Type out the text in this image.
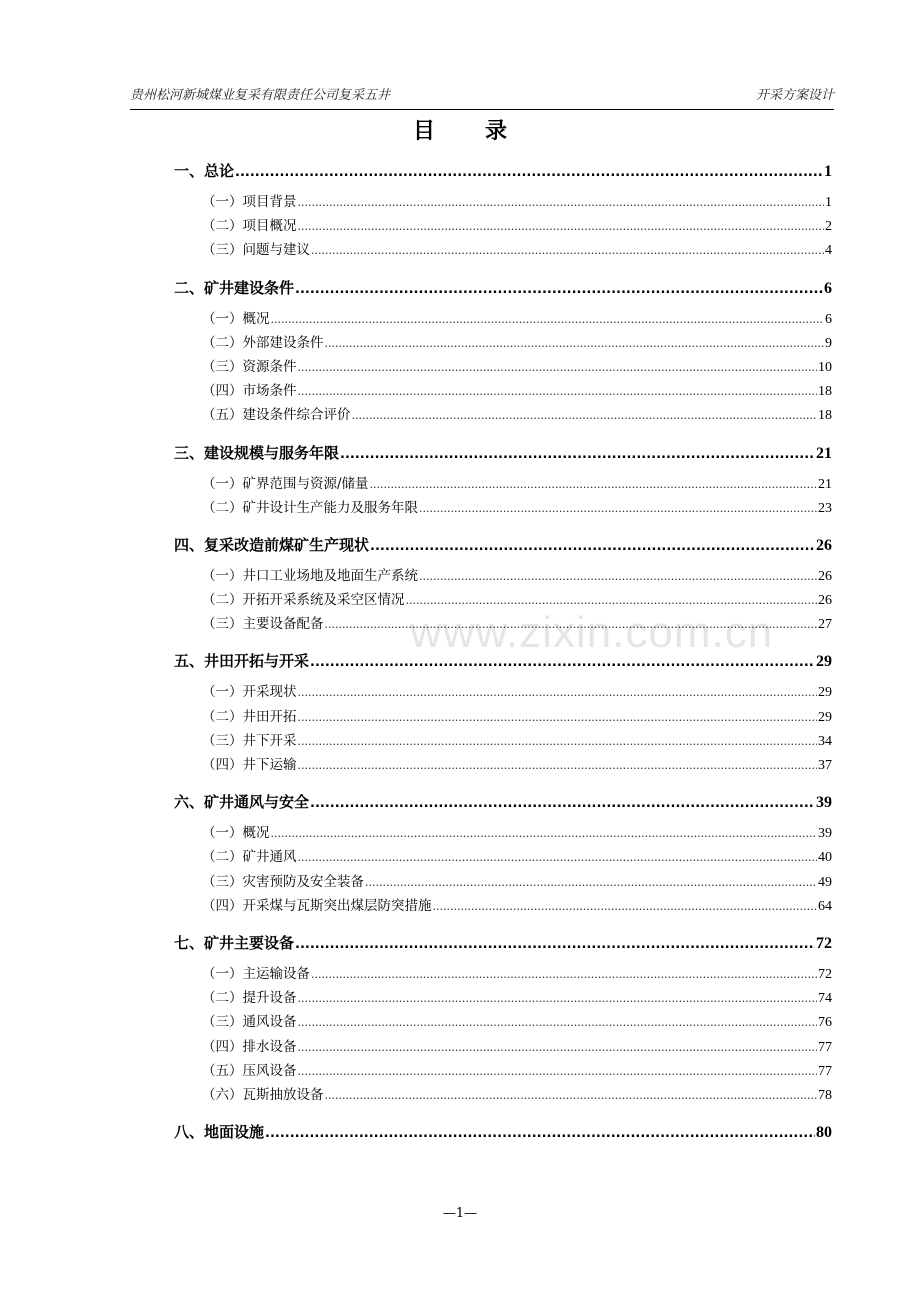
贵州松河新城煤业复采有限责任公司复采五井	开采方案设计
目录
一、总论 .....	1
（一）项目背景 .....	1
（二）项目概况 .....	2
（三）问题与建议 .....	4
二、矿井建设条件 .....	6
（一）概况 .....	6
（二）外部建设条件 .....	9
（三）资源条件 .....	10
（四）市场条件 .....	18
（五）建设条件综合评价 .....	18
三、建设规模与服务年限 .....	21
（一）矿界范围与资源/储量 .....	21
（二）矿井设计生产能力及服务年限 .....	23
四、复采改造前煤矿生产现状 .....	26
（一）井口工业场地及地面生产系统 .....	26
（二）开拓开采系统及采空区情况 .....	26
（三）主要设备配备 .....	27
五、井田开拓与开采 .....	29
（一）开采现状 .....	29
（二）井田开拓 .....	29
（三）井下开采 .....	34
（四）井下运输 .....	37
六、矿井通风与安全 .....	39
（一）概况 .....	39
（二）矿井通风 .....	40
（三）灾害预防及安全装备 .....	49
（四）开采煤与瓦斯突出煤层防突措施 .....	64
七、矿井主要设备 .....	72
（一）主运输设备 .....	72
（二）提升设备 .....	74
（三）通风设备 .....	76
（四）排水设备 .....	77
（五）压风设备 .....	77
（六）瓦斯抽放设备 .....	78
八、地面设施 .....	80
www.zixin.com.cn
—1—
